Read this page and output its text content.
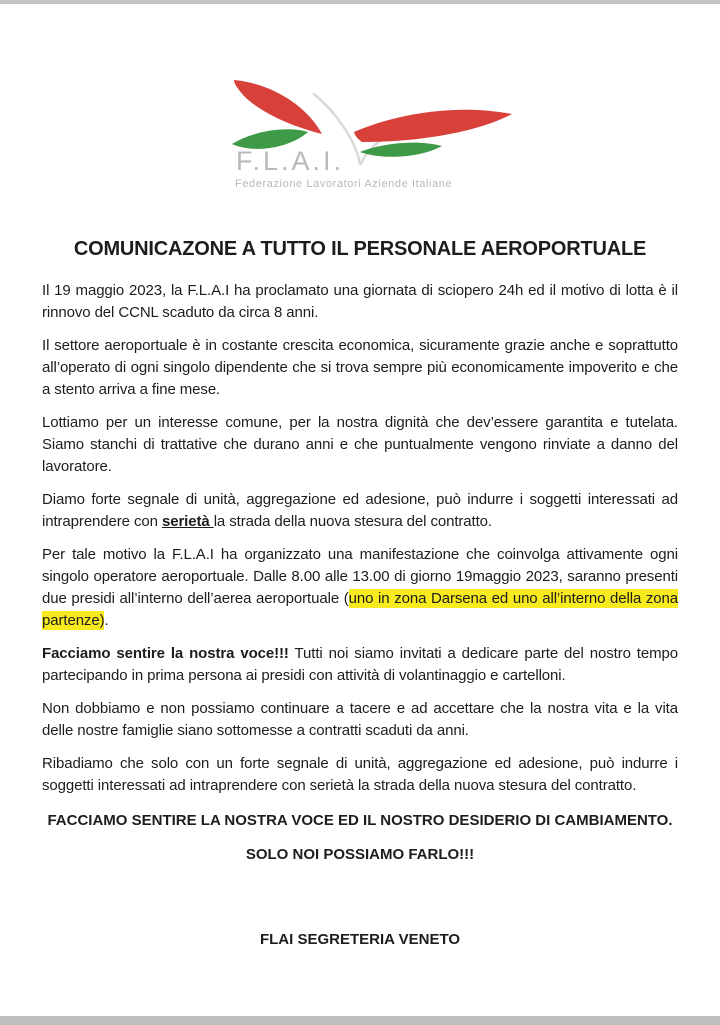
F.L.A.I.
Federazione Lavoratori Aziende Italiane
COMUNICAZONE A TUTTO IL PERSONALE AEROPORTUALE

Il 19 maggio 2023, la F.L.A.I ha proclamato una giornata di sciopero 24h ed il motivo di lotta è il rinnovo del CCNL scaduto da circa 8 anni.

Il settore aeroportuale è in costante crescita economica, sicuramente grazie anche e soprattutto all’operato di ogni singolo dipendente che si trova sempre più economicamente impoverito e che a stento arriva a fine mese.

Lottiamo per un interesse comune, per la nostra dignità che dev’essere garantita e tutelata. Siamo stanchi di trattative che durano anni e che puntualmente vengono rinviate a danno del lavoratore.

Diamo forte segnale di unità, aggregazione ed adesione, può indurre i soggetti interessati ad intraprendere con serietà la strada della nuova stesura del contratto.

Per tale motivo la F.L.A.I ha organizzato una manifestazione che coinvolga attivamente ogni singolo operatore aeroportuale. Dalle 8.00 alle 13.00 di giorno 19maggio 2023, saranno presenti due presidi all’interno dell’aerea aeroportuale (uno in zona Darsena ed uno all’interno della zona partenze).

Facciamo sentire la nostra voce!!! Tutti noi siamo invitati a dedicare parte del nostro tempo partecipando in prima persona ai presidi con attività di volantinaggio e cartelloni.

Non dobbiamo e non possiamo continuare a tacere e ad accettare che la nostra vita e la vita delle nostre famiglie siano sottomesse a contratti scaduti da anni.

Ribadiamo che solo con un forte segnale di unità, aggregazione ed adesione, può indurre i soggetti interessati ad intraprendere con serietà la strada della nuova stesura del contratto.

FACCIAMO SENTIRE LA NOSTRA VOCE ED IL NOSTRO DESIDERIO DI CAMBIAMENTO.
SOLO NOI POSSIAMO FARLO!!!
FLAI SEGRETERIA VENETO
